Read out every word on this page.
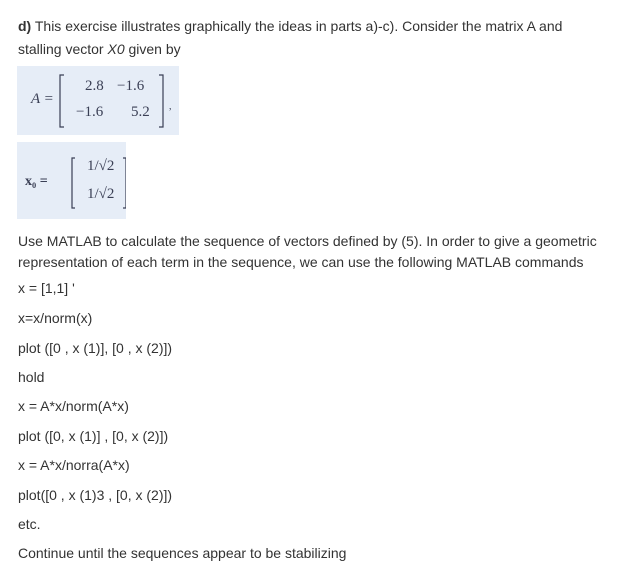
d) This exercise illustrates graphically the ideas in parts a)-c). Consider the matrix A and
stalling vector X0 given by
A =
2.8 −1.6
−1.6 5.2 ,
x₀ =
1/√2
1/√2
Use MATLAB to calculate the sequence of vectors defined by (5). In order to give a geometric
representation of each term in the sequence, we can use the following MATLAB commands
x = [1,1] '
x=x/norm(x)
plot ([0 , x (1)], [0 , x (2)])
hold
x = A*x/norm(A*x)
plot ([0, x (1)] , [0, x (2)])
x = A*x/norra(A*x)
plot([0 , x (1)3 , [0, x (2)])
etc.
Continue until the sequences appear to be stabilizing
